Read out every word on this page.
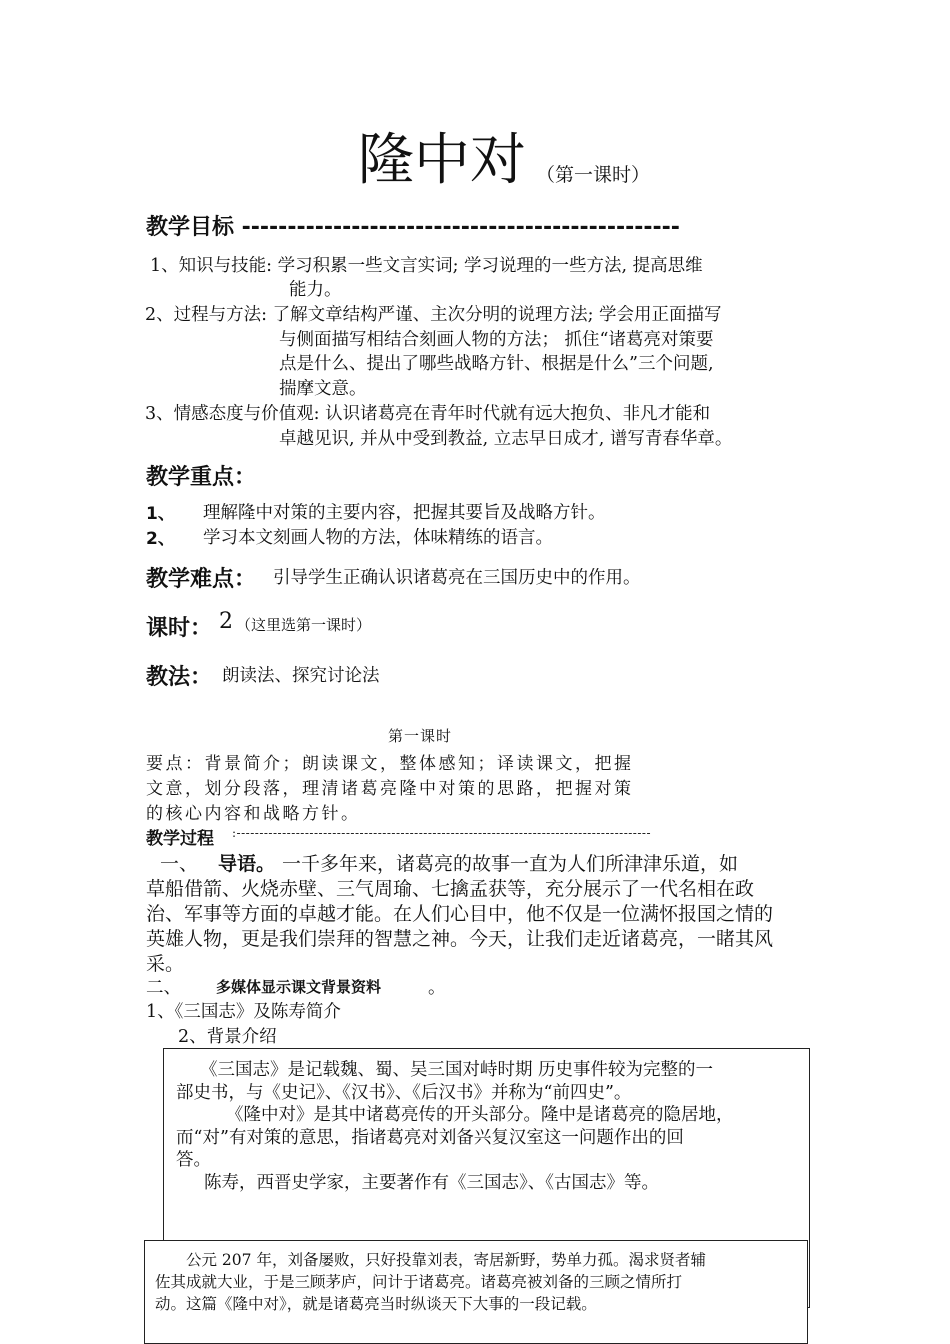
隆中对 （第一课时）
教学目标 ------------------------------------------------
1、知识与技能: 学习积累一些文言实词; 学习说理的一些方法, 提高思维
能力。
2、过程与方法: 了解文章结构严谨、主次分明的说理方法; 学会用正面描写
与侧面描写相结合刻画人物的方法； 抓住“诸葛亮对策要
点是什么、提出了哪些战略方针、根据是什么”三个问题,
揣摩文意。
3、情感态度与价值观: 认识诸葛亮在青年时代就有远大抱负、非凡才能和
卓越见识, 并从中受到教益, 立志早日成才, 谱写青春华章。
教学重点：
1、 理解隆中对策的主要内容，把握其要旨及战略方针。
2、 学习本文刻画人物的方法，体味精练的语言。
教学难点： 引导学生正确认识诸葛亮在三国历史中的作用。
课时： 2 （这里选第一课时）
教法： 朗读法、探究讨论法
第一课时
要点：背景简介；朗读课文，整体感知；译读课文，把握
文意，划分段落，理清诸葛亮隆中对策的思路，把握对策
的核心内容和战略方针。
教学过程 :-------------------------------------------------------------------------------------------
一、 导语。 一千多年来，诸葛亮的故事一直为人们所津津乐道，如
草船借箭、火烧赤壁、三气周瑜、七擒孟获等，充分展示了一代名相在政
治、军事等方面的卓越才能。在人们心目中，他不仅是一位满怀报国之情的
英雄人物，更是我们崇拜的智慧之神。今天，让我们走近诸葛亮，一睹其风
采。
二、 多媒体显示课文背景资料	。
1、《三国志》及陈寿简介
2、背景介绍
《三国志》是记载魏、蜀、吴三国对峙时期 历史事件较为完整的一
部史书，与《史记》、《汉书》、《后汉书》并称为“前四史”。
《隆中对》是其中诸葛亮传的开头部分。隆中是诸葛亮的隐居地，
而“对”有对策的意思，指诸葛亮对刘备兴复汉室这一问题作出的回
答。
陈寿，西晋史学家，主要著作有《三国志》、《古国志》等。
公元 207 年，刘备屡败，只好投靠刘表，寄居新野，势单力孤。渴求贤者辅
佐其成就大业，于是三顾茅庐，问计于诸葛亮。诸葛亮被刘备的三顾之情所打
动。这篇《隆中对》，就是诸葛亮当时纵谈天下大事的一段记载。
